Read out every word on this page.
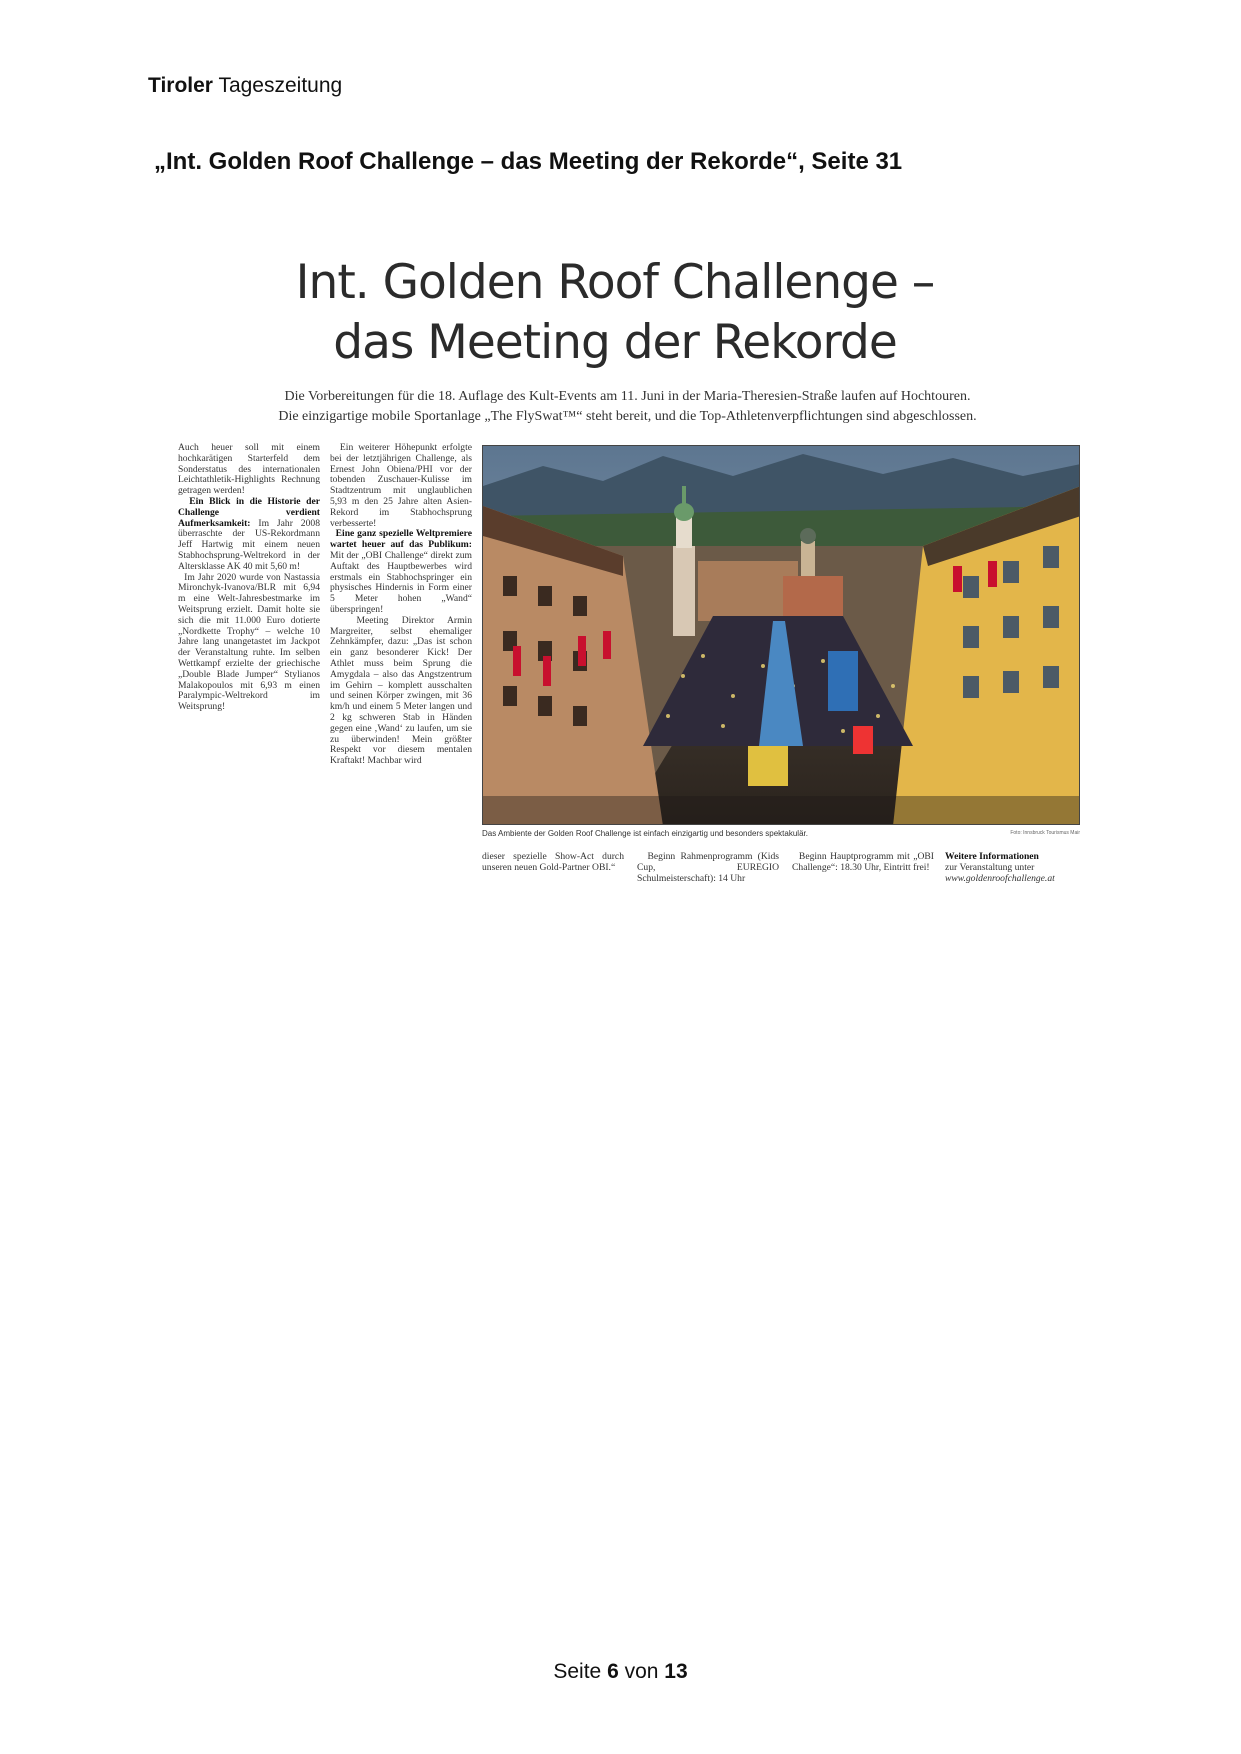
Tiroler Tageszeitung
„Int. Golden Roof Challenge – das Meeting der Rekorde“, Seite 31
Int. Golden Roof Challenge –
das Meeting der Rekorde
Die Vorbereitungen für die 18. Auflage des Kult-Events am 11. Juni in der Maria-Theresien-Straße laufen auf Hochtouren.
Die einzigartige mobile Sportanlage „The FlySwat™“ steht bereit, und die Top-Athletenverpflichtungen sind abgeschlossen.

Auch heuer soll mit einem hochkarätigen Starterfeld dem Sonderstatus des internationalen Leichtathletik-Highlights Rechnung getragen werden!

Ein Blick in die Historie der Challenge verdient Aufmerksamkeit: Im Jahr 2008 überraschte der US-Rekordmann Jeff Hartwig mit einem neuen Stabhochsprung-Weltrekord in der Altersklasse AK 40 mit 5,60 m!

Im Jahr 2020 wurde von Nastassia Mironchyk-Ivanova/BLR mit 6,94 m eine Welt-Jahresbestmarke im Weitsprung erzielt. Damit holte sie sich die mit 11.000 Euro dotierte „Nordkette Trophy“ – welche 10 Jahre lang unangetastet im Jackpot der Veranstaltung ruhte. Im selben Wettkampf erzielte der griechische „Double Blade Jumper“ Stylianos Malakopoulos mit 6,93 m einen Paralympic-Weltrekord im Weitsprung!

Ein weiterer Höhepunkt erfolgte bei der letztjährigen Challenge, als Ernest John Obiena/PHI vor der tobenden Zuschauer-Kulisse im Stadtzentrum mit unglaublichen 5,93 m den 25 Jahre alten Asien-Rekord im Stabhochsprung verbesserte!

Eine ganz spezielle Weltpremiere wartet heuer auf das Publikum: Mit der „OBI Challenge“ direkt zum Auftakt des Hauptbewerbes wird erstmals ein Stabhochspringer ein physisches Hindernis in Form einer 5 Meter hohen „Wand“ überspringen!

Meeting Direktor Armin Margreiter, selbst ehemaliger Zehnkämpfer, dazu: „Das ist schon ein ganz besonderer Kick! Der Athlet muss beim Sprung die Amygdala – also das Angstzentrum im Gehirn – komplett ausschalten und seinen Körper zwingen, mit 36 km/h und einem 5 Meter langen und 2 kg schweren Stab in Händen gegen eine ‚Wand‘ zu laufen, um sie zu überwinden! Mein größter Respekt vor diesem mentalen Kraftakt! Machbar wird

Das Ambiente der Golden Roof Challenge ist einfach einzigartig und besonders spektakulär.	Foto: Innsbruck Tourismus Mair

dieser spezielle Show-Act durch unseren neuen Gold-Partner OBI.“

Beginn Rahmenprogramm (Kids Cup, EUREGIO Schulmeisterschaft): 14 Uhr

Beginn Hauptprogramm mit „OBI Challenge“: 18.30 Uhr, Eintritt frei!

Weitere Informationen
zur Veranstaltung unter
www.goldenroofchallenge.at
Seite 6 von 13
